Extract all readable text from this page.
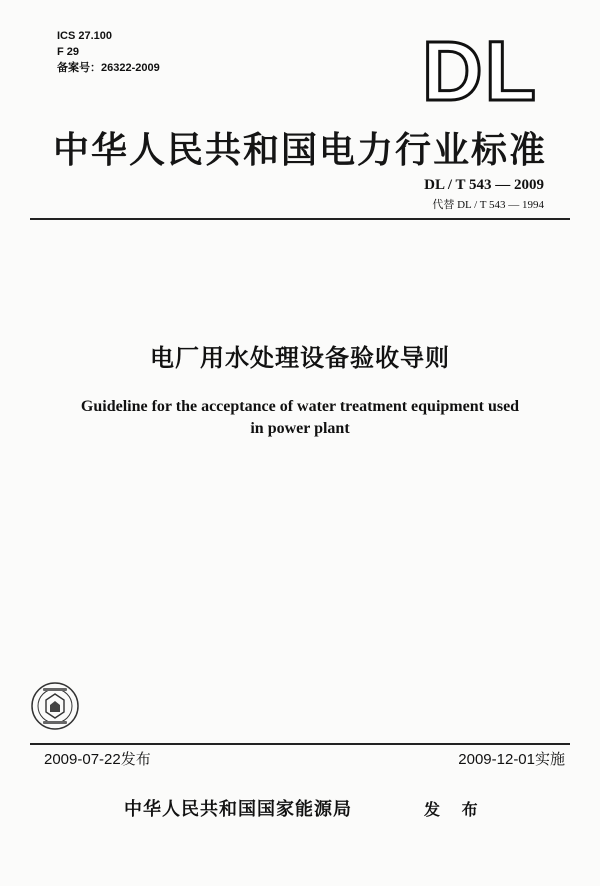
ICS 27.100
F 29
备案号：26322-2009	DL
中华人民共和国电力行业标准
DL / T 543 — 2009
代替 DL / T 543 — 1994
电厂用水处理设备验收导则
Guideline for the acceptance of water treatment equipment used
in power plant
2009-07-22发布	2009-12-01实施
中华人民共和国国家能源局	发 布
